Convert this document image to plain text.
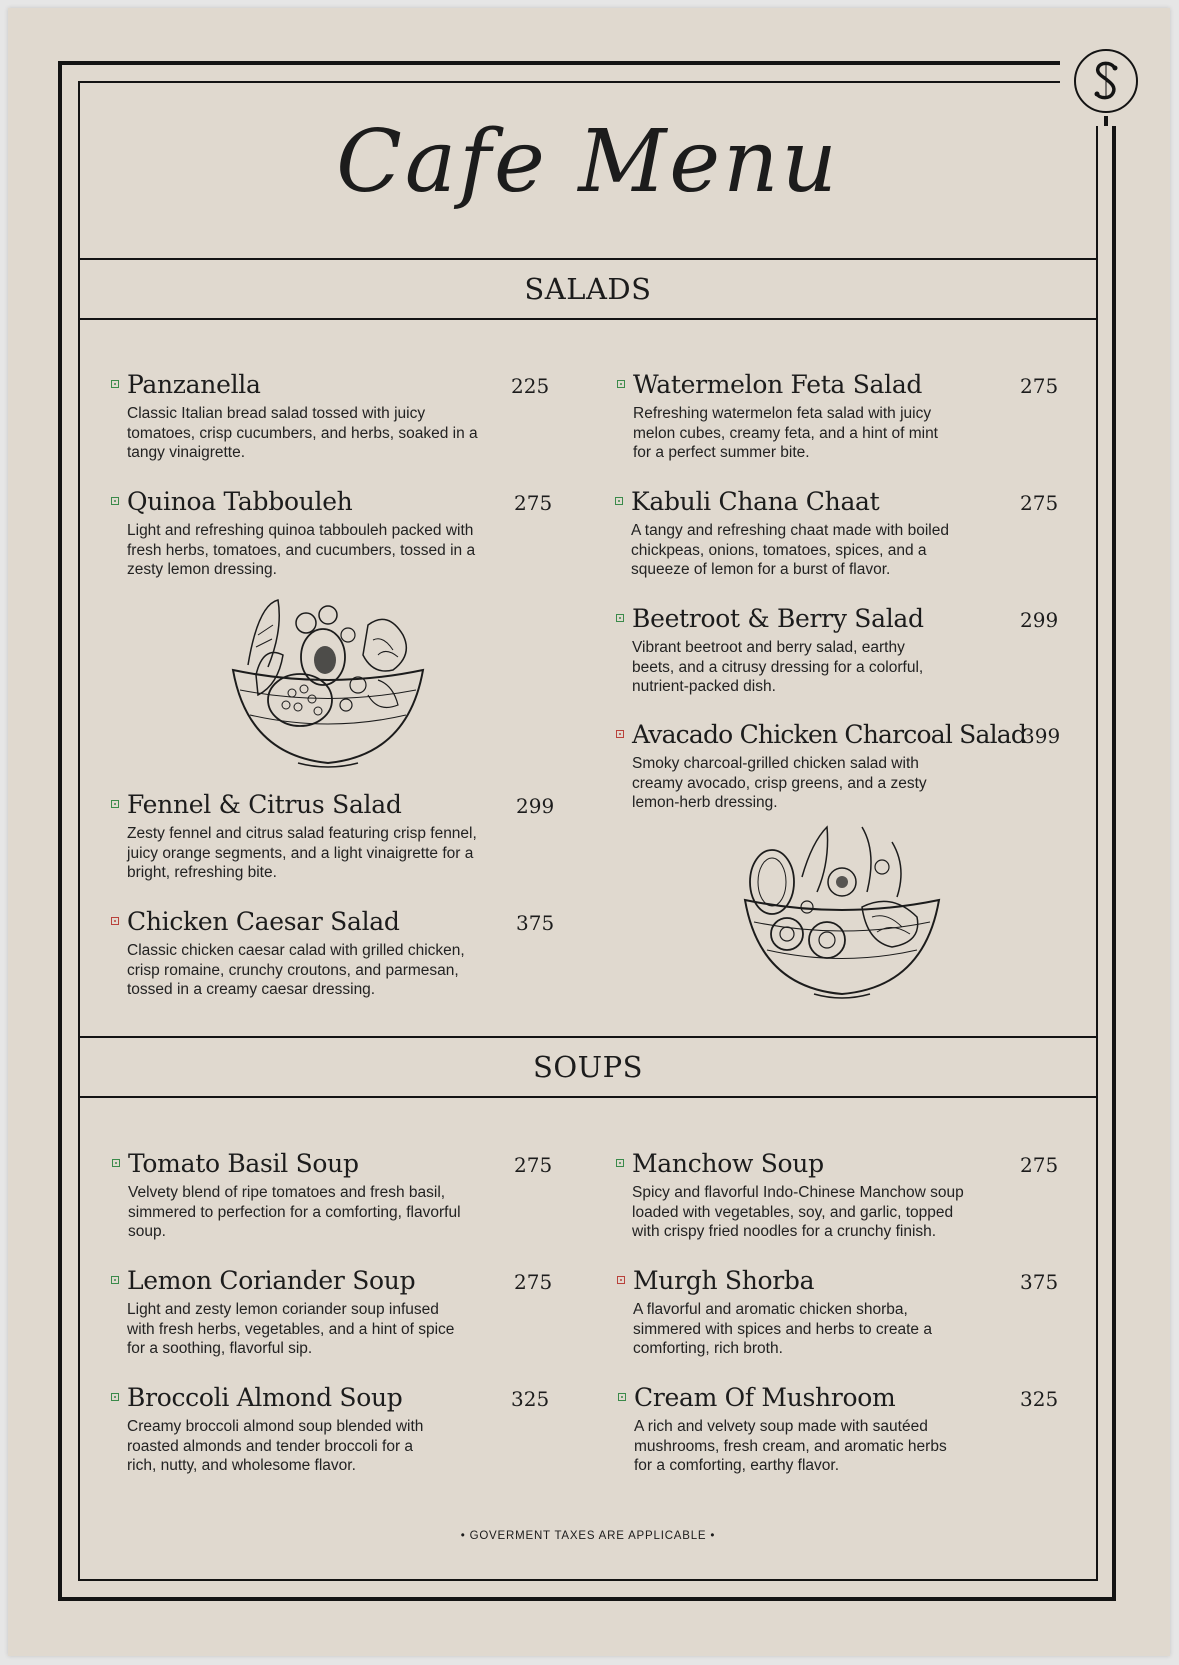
Cafe Menu
SALADS
Panzanella	225
Classic Italian bread salad tossed with juicy tomatoes, crisp cucumbers, and herbs, soaked in a tangy vinaigrette.
Quinoa Tabbouleh	275
Light and refreshing quinoa tabbouleh packed with fresh herbs, tomatoes, and cucumbers, tossed in a zesty lemon dressing.
Fennel & Citrus Salad	299
Zesty fennel and citrus salad featuring crisp fennel, juicy orange segments, and a light vinaigrette for a bright, refreshing bite.
Chicken Caesar Salad	375
Classic chicken caesar calad with grilled chicken, crisp romaine, crunchy croutons, and parmesan, tossed in a creamy caesar dressing.
Watermelon Feta Salad	275
Refreshing watermelon feta salad with juicy melon cubes, creamy feta, and a hint of mint for a perfect summer bite.
Kabuli Chana Chaat	275
A tangy and refreshing chaat made with boiled chickpeas, onions, tomatoes, spices, and a squeeze of lemon for a burst of flavor.
Beetroot & Berry Salad	299
Vibrant beetroot and berry salad, earthy beets, and a citrusy dressing for a colorful, nutrient-packed dish.
Avacado Chicken Charcoal Salad
399
Smoky charcoal-grilled chicken salad with creamy avocado, crisp greens, and a zesty lemon-herb dressing.
SOUPS
Tomato Basil Soup	275
Velvety blend of ripe tomatoes and fresh basil, simmered to perfection for a comforting, flavorful soup.
Lemon Coriander Soup	275
Light and zesty lemon coriander soup infused with fresh herbs, vegetables, and a hint of spice for a soothing, flavorful sip.
Broccoli Almond Soup	325
Creamy broccoli almond soup blended with roasted almonds and tender broccoli for a rich, nutty, and wholesome flavor.
Manchow Soup	275
Spicy and flavorful Indo-Chinese Manchow soup loaded with vegetables, soy, and garlic, topped with crispy fried noodles for a crunchy finish.
Murgh Shorba	375
A flavorful and aromatic chicken shorba, simmered with spices and herbs to create a comforting, rich broth.
Cream Of Mushroom	325
A rich and velvety soup made with sautéed mushrooms, fresh cream, and aromatic herbs for a comforting, earthy flavor.
• GOVERMENT TAXES ARE APPLICABLE •
